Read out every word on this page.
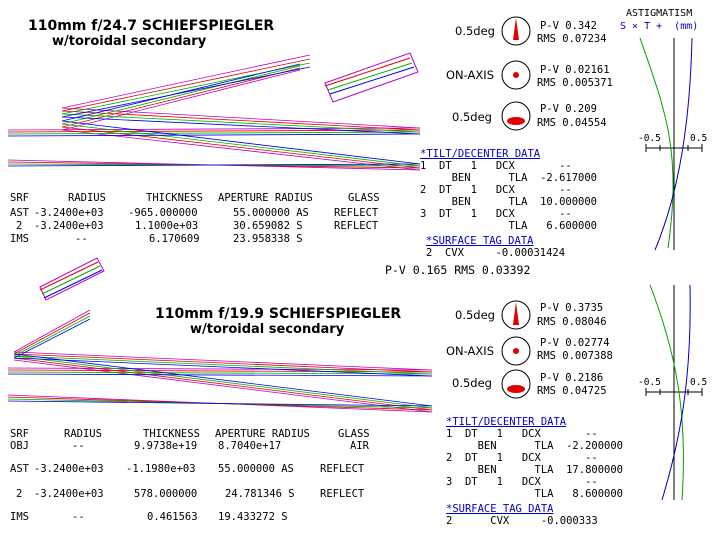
110mm f/24.7 SCHIEFSPIEGLER
w/toroidal secondary
0.5deg	P-V 0.342
RMS 0.07234
ON-AXIS	P-V 0.02161
RMS 0.005371
0.5deg
P-V 0.209
RMS 0.04554
ASTIGMATISM
S × T +  (mm)
-0.5	0.5
*TILT/DECENTER DATA
1  DT   1   DCX       --
BEN      TLA  -2.617000
2  DT   1   DCX       --
BEN      TLA  10.000000
3  DT   1   DCX       --
TLA   6.600000
*SURFACE TAG DATA
2  CVX     -0.00031424
P-V 0.165 RMS 0.03392
SRF	RADIUS	THICKNESS APERTURE RADIUS	GLASS
AST -3.2400e+03 -965.000000	55.000000 AS REFLECT
2 -3.2400e+03	1.1000e+03	30.659082 S	REFLECT
IMS	--	6.170609	23.958338 S
110mm f/19.9 SCHIEFSPIEGLER
w/toroidal secondary
0.5deg	P-V 0.3735
RMS 0.08046
ON-AXIS
P-V 0.02774
RMS 0.007388
0.5deg	P-V 0.2186
RMS 0.04725
-0.5	0.5
*TILT/DECENTER DATA
1  DT   1   DCX       --
BEN      TLA  -2.200000
2  DT   1   DCX       --
BEN      TLA  17.800000
3  DT   1   DCX       --
TLA   8.600000
*SURFACE TAG DATA
2      CVX     -0.000333
SRF	RADIUS	THICKNESS APERTURE RADIUS	GLASS
OBJ	--	9.9738e+19 8.7040e+17	AIR
AST -3.2400e+03 -1.1980e+03 55.000000 AS REFLECT
2 -3.2400e+03	578.000000	24.781346 S REFLECT
IMS	--	0.461563 19.433272 S
